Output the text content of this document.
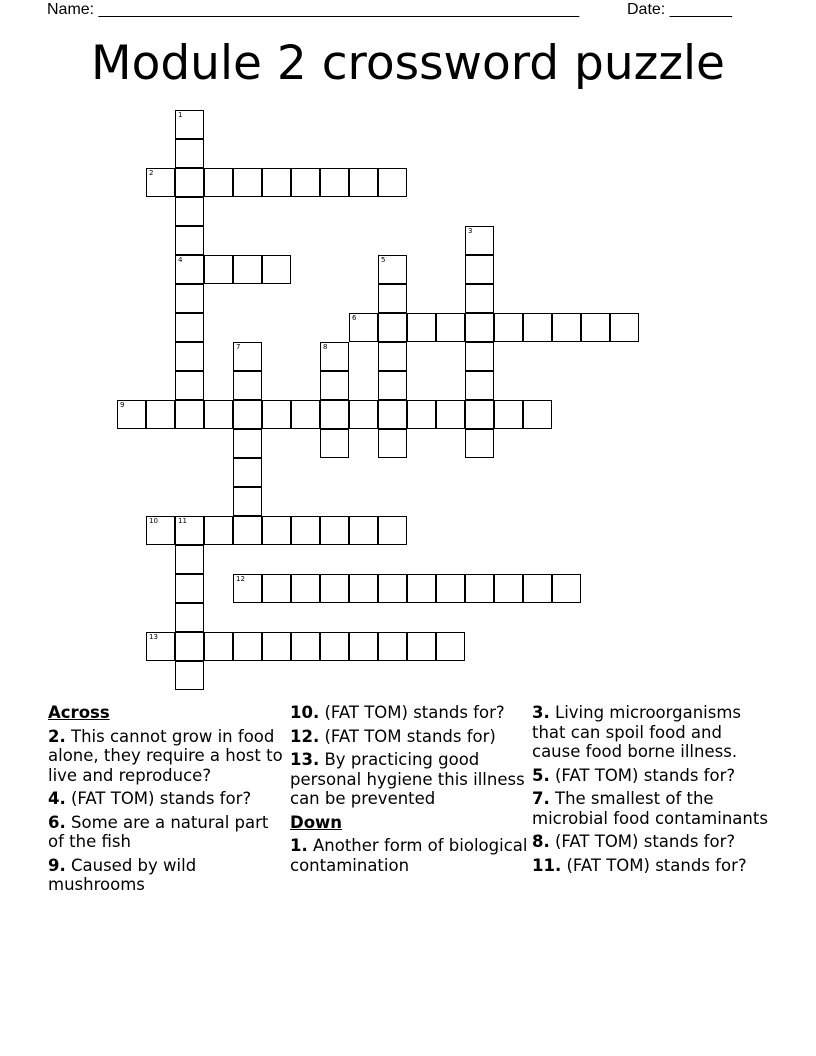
Name: ______________________________________________________	Date: _______
Module 2 crossword puzzle
1
2
3
4	5
6
7	8
9
10	11
12
13
Across
2. This cannot grow in food alone, they require a host to live and reproduce?
4. (FAT TOM) stands for?
6. Some are a natural part of the fish
9. Caused by wild mushrooms
10. (FAT TOM) stands for?
12. (FAT TOM stands for)
13. By practicing good personal hygiene this illness can be prevented
Down
1. Another form of biological contamination
3. Living microorganisms that can spoil food and cause food borne illness.
5. (FAT TOM) stands for?
7. The smallest of the microbial food contaminants
8. (FAT TOM) stands for?
11. (FAT TOM) stands for?
